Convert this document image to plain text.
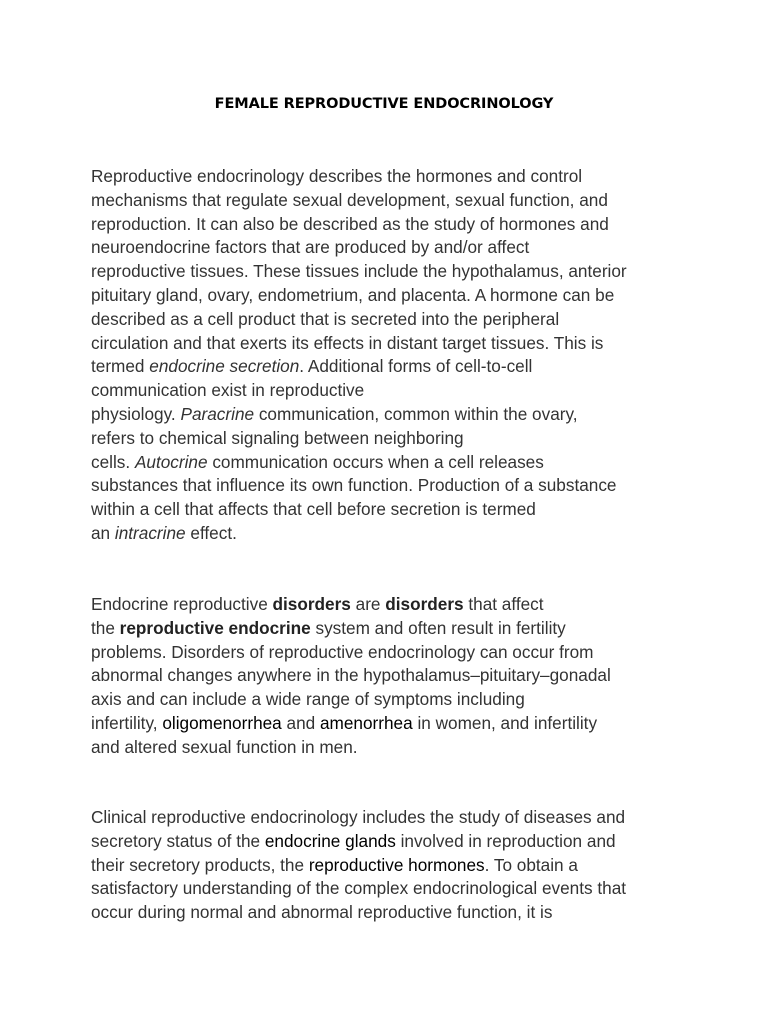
FEMALE REPRODUCTIVE ENDOCRINOLOGY
Reproductive endocrinology describes the hormones and control
mechanisms that regulate sexual development, sexual function, and
reproduction. It can also be described as the study of hormones and
neuroendocrine factors that are produced by and/or affect
reproductive tissues. These tissues include the hypothalamus, anterior
pituitary gland, ovary, endometrium, and placenta. A hormone can be
described as a cell product that is secreted into the peripheral
circulation and that exerts its effects in distant target tissues. This is
termed endocrine secretion. Additional forms of cell-to-cell
communication exist in reproductive
physiology. Paracrine communication, common within the ovary,
refers to chemical signaling between neighboring
cells. Autocrine communication occurs when a cell releases
substances that influence its own function. Production of a substance
within a cell that affects that cell before secretion is termed
an intracrine effect.
Endocrine reproductive disorders are disorders that affect
the reproductive endocrine system and often result in fertility
problems. Disorders of reproductive endocrinology can occur from
abnormal changes anywhere in the hypothalamus–pituitary–gonadal
axis and can include a wide range of symptoms including
infertility, oligomenorrhea and amenorrhea in women, and infertility
and altered sexual function in men.
Clinical reproductive endocrinology includes the study of diseases and
secretory status of the endocrine glands involved in reproduction and
their secretory products, the reproductive hormones. To obtain a
satisfactory understanding of the complex endocrinological events that
occur during normal and abnormal reproductive function, it is
